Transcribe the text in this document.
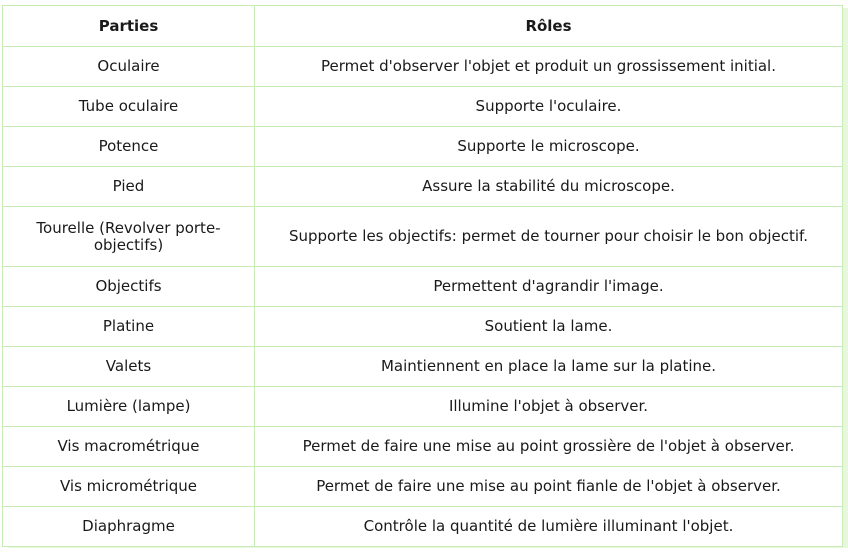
Parties	Rôles
Oculaire	Permet d'observer l'objet et produit un grossissement initial.
Tube oculaire	Supporte l'oculaire.
Potence	Supporte le microscope.
Pied	Assure la stabilité du microscope.
Tourelle (Revolver porte-objectifs)	Supporte les objectifs: permet de tourner pour choisir le bon objectif.
Objectifs	Permettent d'agrandir l'image.
Platine	Soutient la lame.
Valets	Maintiennent en place la lame sur la platine.
Lumière (lampe)	Illumine l'objet à observer.
Vis macrométrique	Permet de faire une mise au point grossière de l'objet à observer.
Vis micrométrique	Permet de faire une mise au point fianle de l'objet à observer.
Diaphragme	Contrôle la quantité de lumière illuminant l'objet.
